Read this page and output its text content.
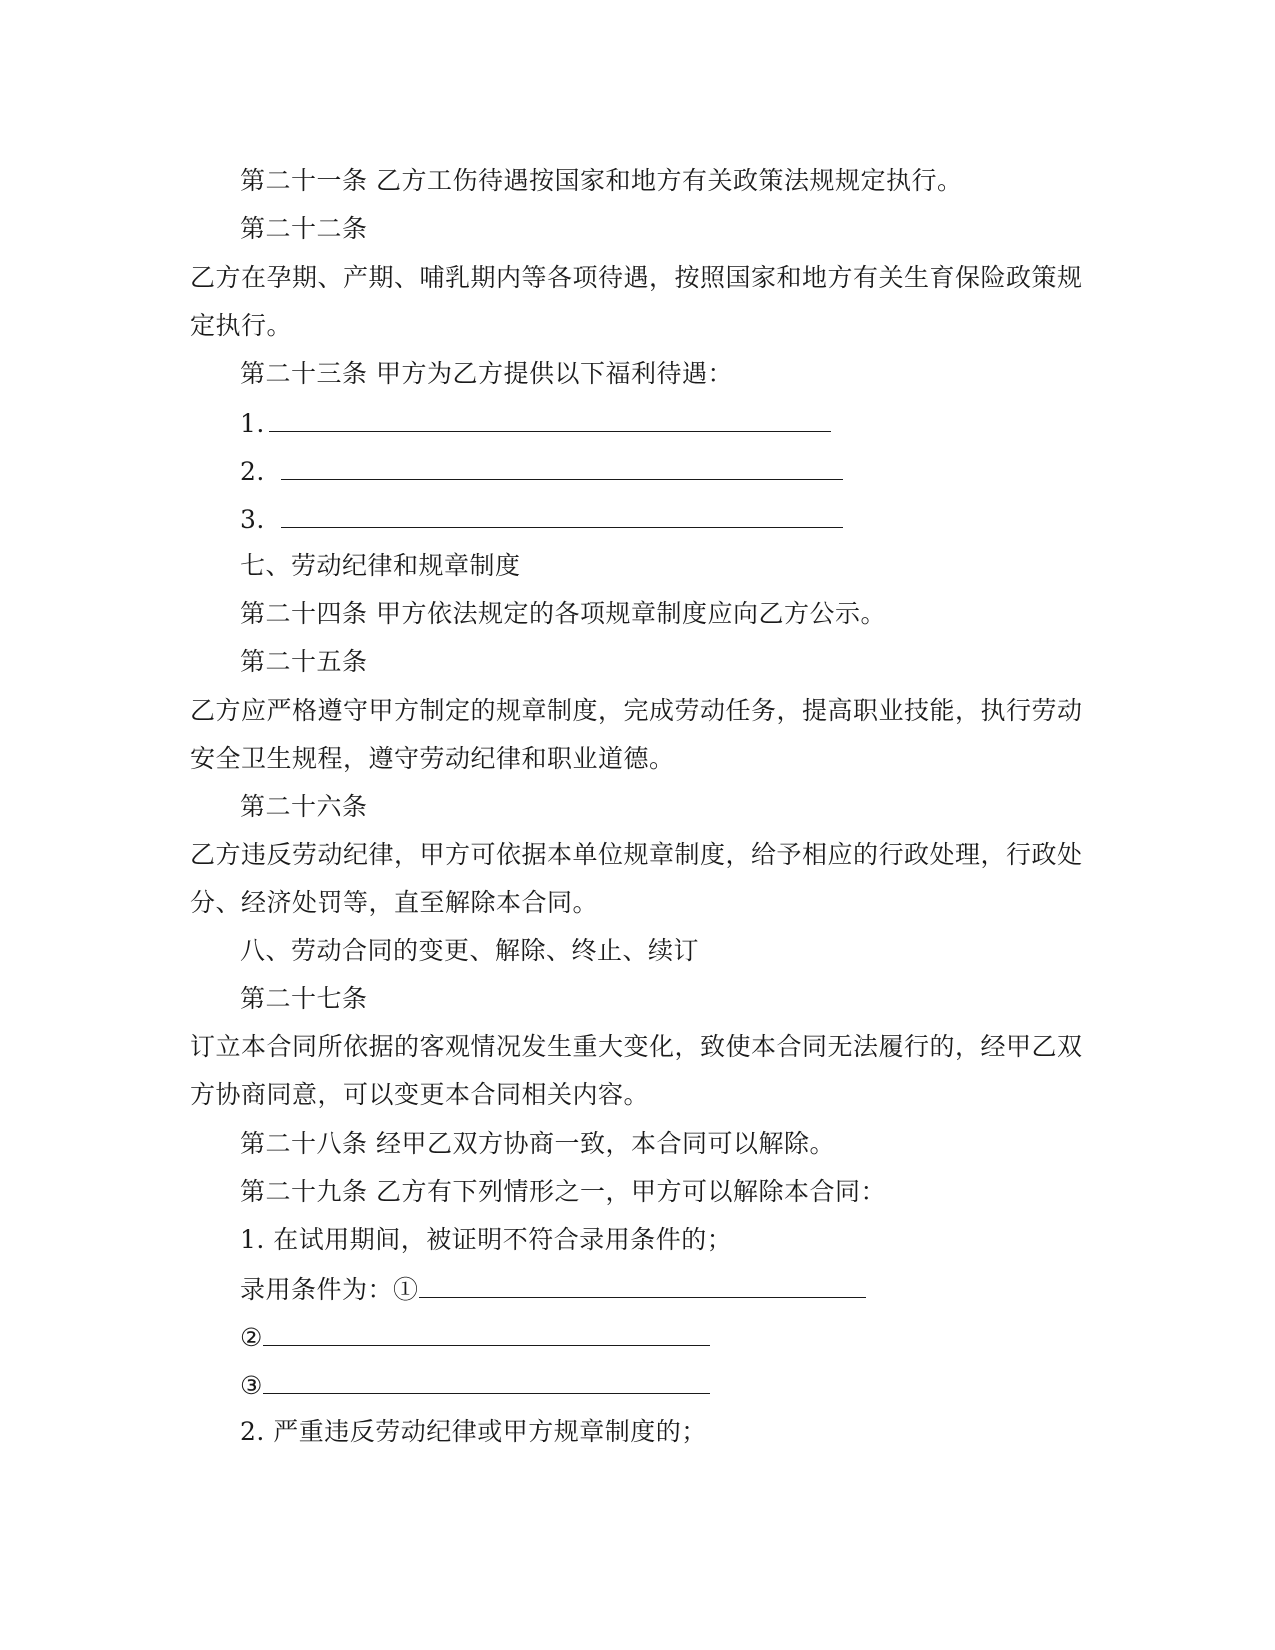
第二十一条 乙方工伤待遇按国家和地方有关政策法规规定执行。
第二十二条
乙方在孕期、产期、哺乳期内等各项待遇，按照国家和地方有关生育保险政策规
定执行。
第二十三条 甲方为乙方提供以下福利待遇：
1.
2.
3.
七、劳动纪律和规章制度
第二十四条 甲方依法规定的各项规章制度应向乙方公示。
第二十五条
乙方应严格遵守甲方制定的规章制度，完成劳动任务，提高职业技能，执行劳动
安全卫生规程，遵守劳动纪律和职业道德。
第二十六条
乙方违反劳动纪律，甲方可依据本单位规章制度，给予相应的行政处理，行政处
分、经济处罚等，直至解除本合同。
八、劳动合同的变更、解除、终止、续订
第二十七条
订立本合同所依据的客观情况发生重大变化，致使本合同无法履行的，经甲乙双
方协商同意，可以变更本合同相关内容。
第二十八条 经甲乙双方协商一致，本合同可以解除。
第二十九条 乙方有下列情形之一，甲方可以解除本合同：
1. 在试用期间，被证明不符合录用条件的；
录用条件为：①
②
③
2. 严重违反劳动纪律或甲方规章制度的；
